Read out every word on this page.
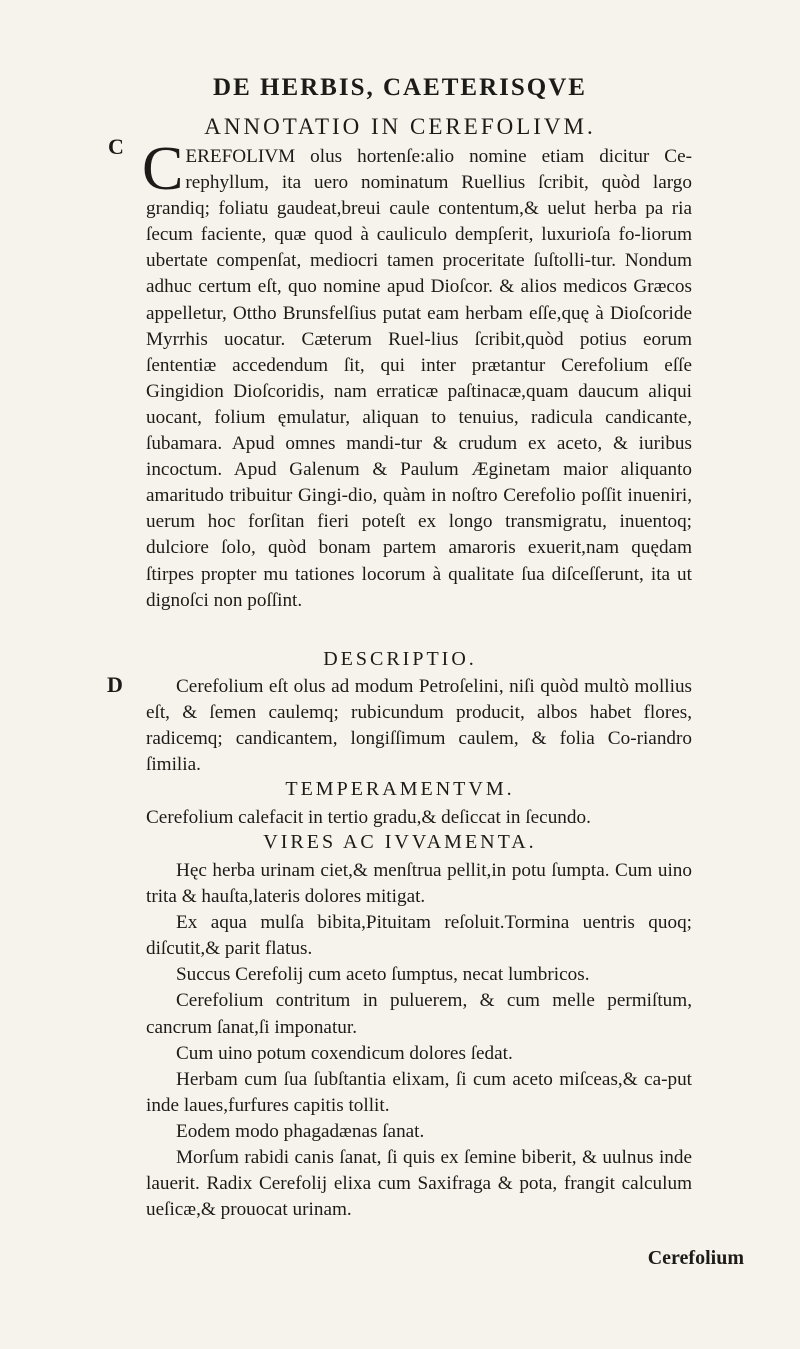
DE HERBIS, CAETERISQVE
ANNOTATIO IN CEREFOLIVM.
C
D
CEREFOLIVM olus hortenſe:alio nomine etiam dicitur Ce-rephyllum, ita uero nominatum Ruellius ſcribit, quòd largo grandiq; foliatu gaudeat,breui caule contentum,& uelut herba pa ria ſecum faciente, quæ quod à cauliculo dempſerit, luxurioſa fo-liorum ubertate compenſat, mediocri tamen proceritate ſuſtolli-tur. Nondum adhuc certum eſt, quo nomine apud Dioſcor. & alios medicos Græcos appelletur, Ottho Brunsfelſius putat eam herbam eſſe,quę à Dioſcoride Myrrhis uocatur. Cæterum Ruel-lius ſcribit,quòd potius eorum ſententiæ accedendum ſit, qui inter prætantur Cerefolium eſſe Gingidion Dioſcoridis, nam erraticæ paſtinacæ,quam daucum aliqui uocant, folium ęmulatur, aliquan to tenuius, radicula candicante, ſubamara. Apud omnes mandi-tur & crudum ex aceto, & iuribus incoctum. Apud Galenum & Paulum Æginetam maior aliquanto amaritudo tribuitur Gingi-dio, quàm in noſtro Cerefolio poſſit inueniri, uerum hoc forſitan fieri poteſt ex longo transmigratu, inuentoq; dulciore ſolo, quòd bonam partem amaroris exuerit,nam quędam ſtirpes propter mu tationes locorum à qualitate ſua diſceſſerunt, ita ut dignoſci non poſſint.
DESCRIPTIO.

Cerefolium eſt olus ad modum Petroſelini, niſi quòd multò mollius eſt, & ſemen caulemq; rubicundum producit, albos habet flores, radicemq; candicantem, longiſſimum caulem, & folia Co-riandro ſimilia.

TEMPERAMENTVM.

Cerefolium calefacit in tertio gradu,& deſiccat in ſecundo.

VIRES AC IVVAMENTA.

Hęc herba urinam ciet,& menſtrua pellit,in potu ſumpta. Cum uino trita & hauſta,lateris dolores mitigat.

Ex aqua mulſa bibita,Pituitam reſoluit.Tormina uentris quoq; diſcutit,& parit flatus.

Succus Cerefolij cum aceto ſumptus, necat lumbricos.

Cerefolium contritum in puluerem, & cum melle permiſtum, cancrum ſanat,ſi imponatur.

Cum uino potum coxendicum dolores ſedat.

Herbam cum ſua ſubſtantia elixam, ſi cum aceto miſceas,& ca-put inde laues,furfures capitis tollit.

Eodem modo phagadænas ſanat.

Morſum rabidi canis ſanat, ſi quis ex ſemine biberit, & uulnus inde lauerit. Radix Cerefolij elixa cum Saxifraga & pota, frangit calculum ueſicæ,& prouocat urinam.

Cerefolium
